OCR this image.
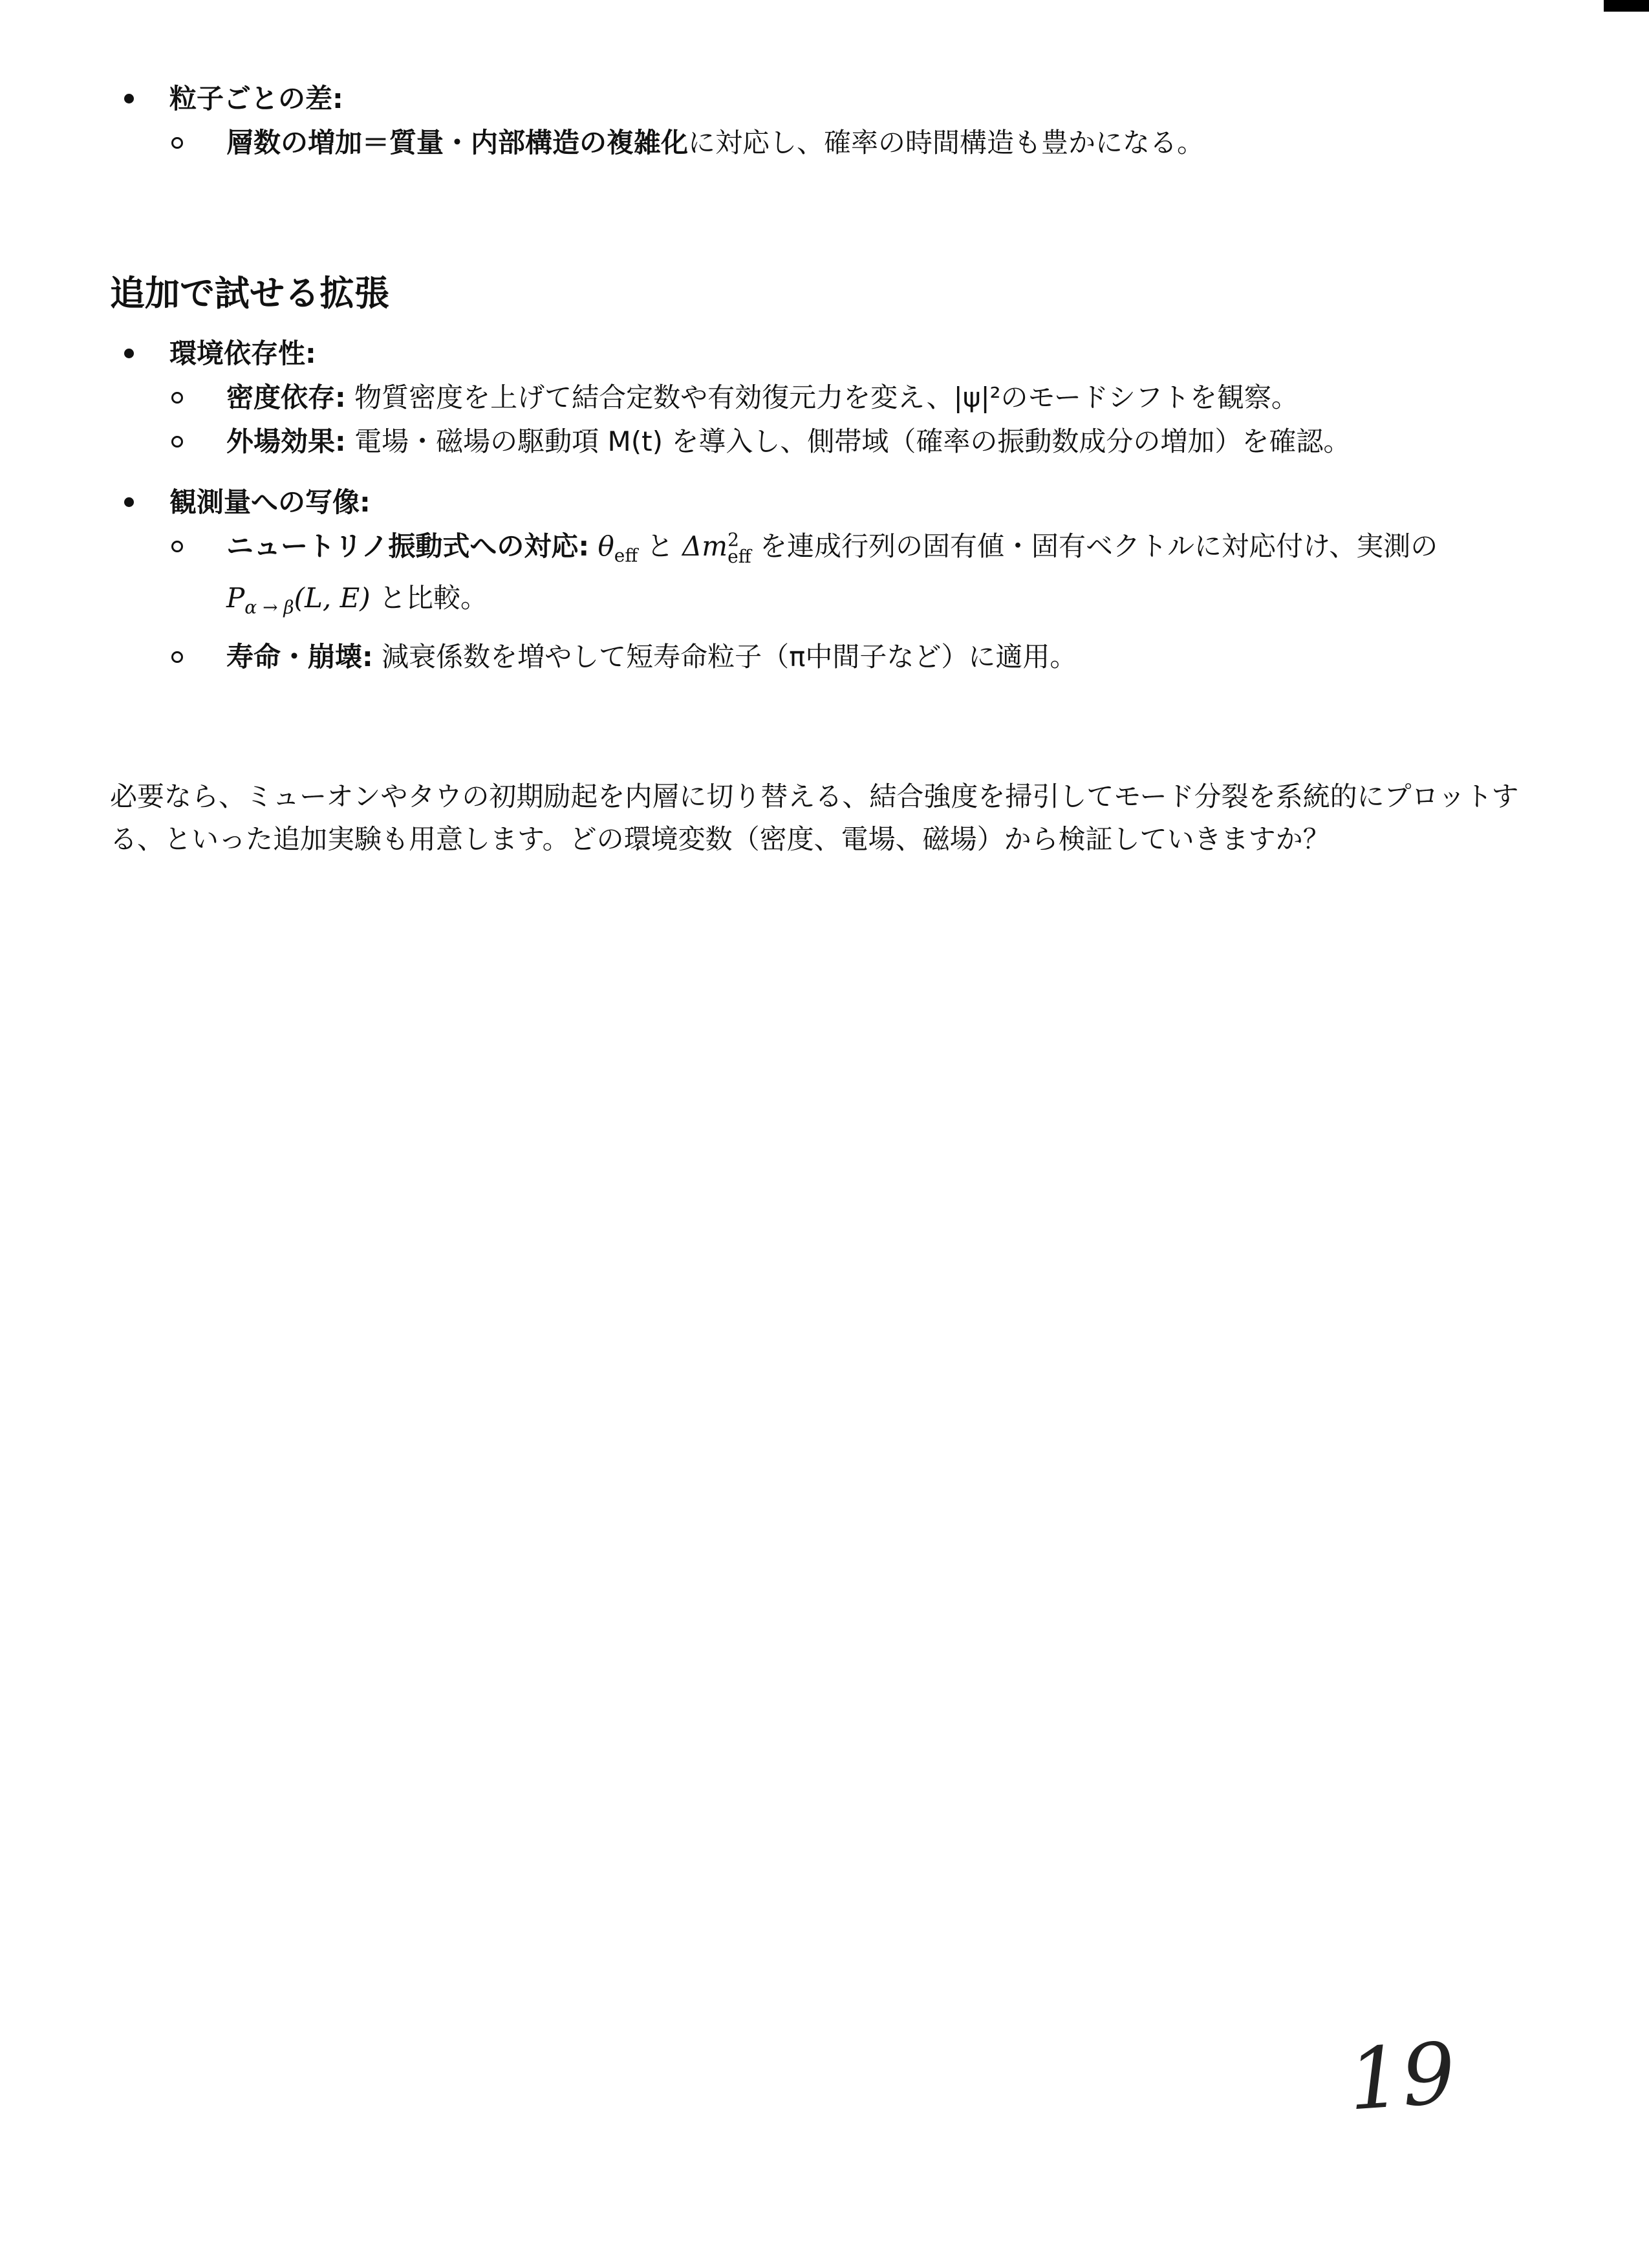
粒子ごとの差:
層数の増加＝質量・内部構造の複雑化に対応し、確率の時間構造も豊かになる。
追加で試せる拡張
環境依存性:
密度依存: 物質密度を上げて結合定数や有効復元力を変え、|ψ|²のモードシフトを観察。
外場効果: 電場・磁場の駆動項 M(t) を導入し、側帯域（確率の振動数成分の増加）を確認。
観測量への写像:
ニュートリノ振動式への対応: $\theta_{eff}$ と Δm 2
eff を連成行列の固有値・固有ベクトルに対応付け、実測の
$P_{\alpha \to \beta}(L$, E) と比較。
寿命・崩壊: 減衰係数を増やして短寿命粒子（π中間子など）に適用。
必要なら、ミューオンやタウの初期励起を内層に切り替える、結合強度を掃引してモード分裂を系統的にプロットす
る、といった追加実験も用意します。どの環境変数（密度、電場、磁場）から検証していきますか？
19
